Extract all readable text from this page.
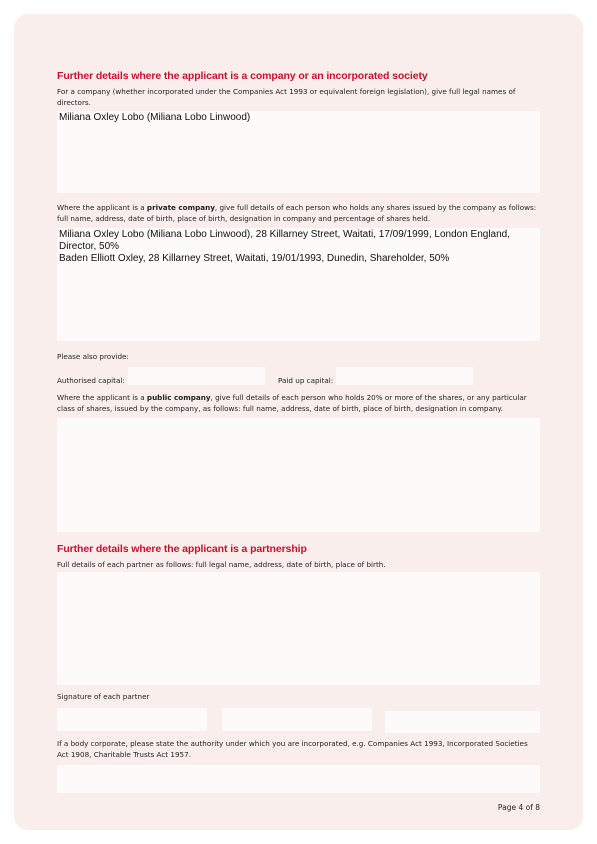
Further details where the applicant is a company or an incorporated society
For a company (whether incorporated under the Companies Act 1993 or equivalent foreign legislation), give full legal names of directors.
Miliana Oxley Lobo (Miliana Lobo Linwood)
Where the applicant is a private company, give full details of each person who holds any shares issued by the company as follows: full name, address, date of birth, place of birth, designation in company and percentage of shares held.
Miliana Oxley Lobo (Miliana Lobo Linwood), 28 Killarney Street, Waitati, 17/09/1999, London England, Director, 50%
Baden Elliott Oxley, 28 Killarney Street, Waitati, 19/01/1993, Dunedin, Shareholder, 50%
Please also provide:
Authorised capital:	Paid up capital:
Where the applicant is a public company, give full details of each person who holds 20% or more of the shares, or any particular class of shares, issued by the company, as follows: full name, address, date of birth, place of birth, designation in company.
Further details where the applicant is a partnership
Full details of each partner as follows: full legal name, address, date of birth, place of birth.
Signature of each partner
If a body corporate, please state the authority under which you are incorporated, e.g. Companies Act 1993, Incorporated Societies Act 1908, Charitable Trusts Act 1957.
Page 4 of 8
